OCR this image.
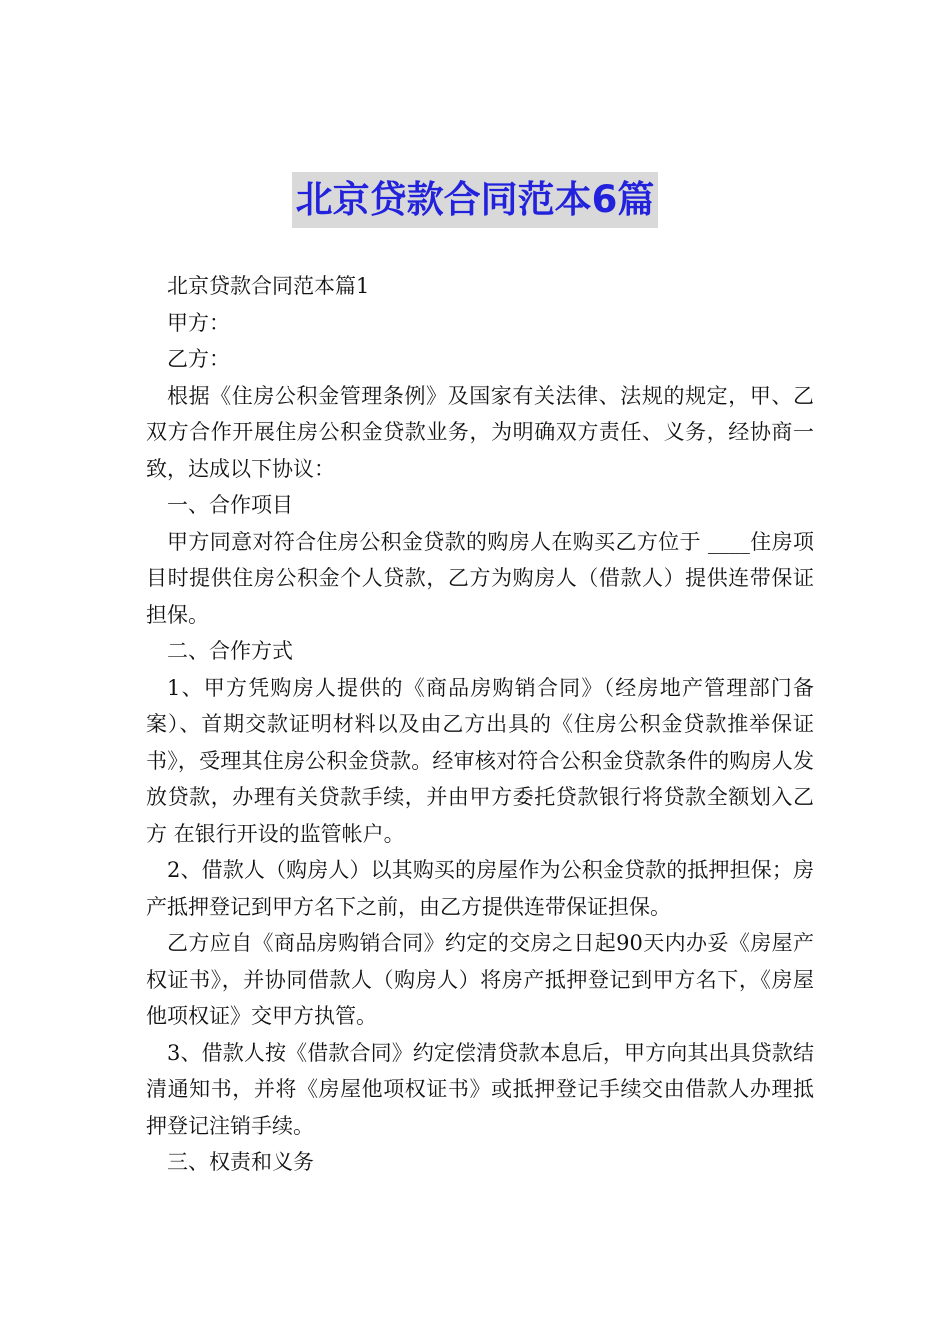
北京贷款合同范本6篇

北京贷款合同范本篇1

甲方：

乙方：

根据《住房公积金管理条例》及国家有关法律、法规的规定，甲、乙双方合作开展住房公积金贷款业务，为明确双方责任、义务，经协商一致，达成以下协议：

一、合作项目

甲方同意对符合住房公积金贷款的购房人在购买乙方位于 ____住房项目时提供住房公积金个人贷款，乙方为购房人（借款人）提供连带保证担保。

二、合作方式

1、甲方凭购房人提供的《商品房购销合同》（经房地产管理部门备案）、首期交款证明材料以及由乙方出具的《住房公积金贷款推举保证书》，受理其住房公积金贷款。经审核对符合公积金贷款条件的购房人发放贷款，办理有关贷款手续，并由甲方委托贷款银行将贷款全额划入乙方 在银行开设的监管帐户。

2、借款人（购房人）以其购买的房屋作为公积金贷款的抵押担保；房产抵押登记到甲方名下之前，由乙方提供连带保证担保。

乙方应自《商品房购销合同》约定的交房之日起90天内办妥《房屋产权证书》，并协同借款人（购房人）将房产抵押登记到甲方名下，《房屋他项权证》交甲方执管。

3、借款人按《借款合同》约定偿清贷款本息后，甲方向其出具贷款结清通知书，并将《房屋他项权证书》或抵押登记手续交由借款人办理抵押登记注销手续。

三、权责和义务
